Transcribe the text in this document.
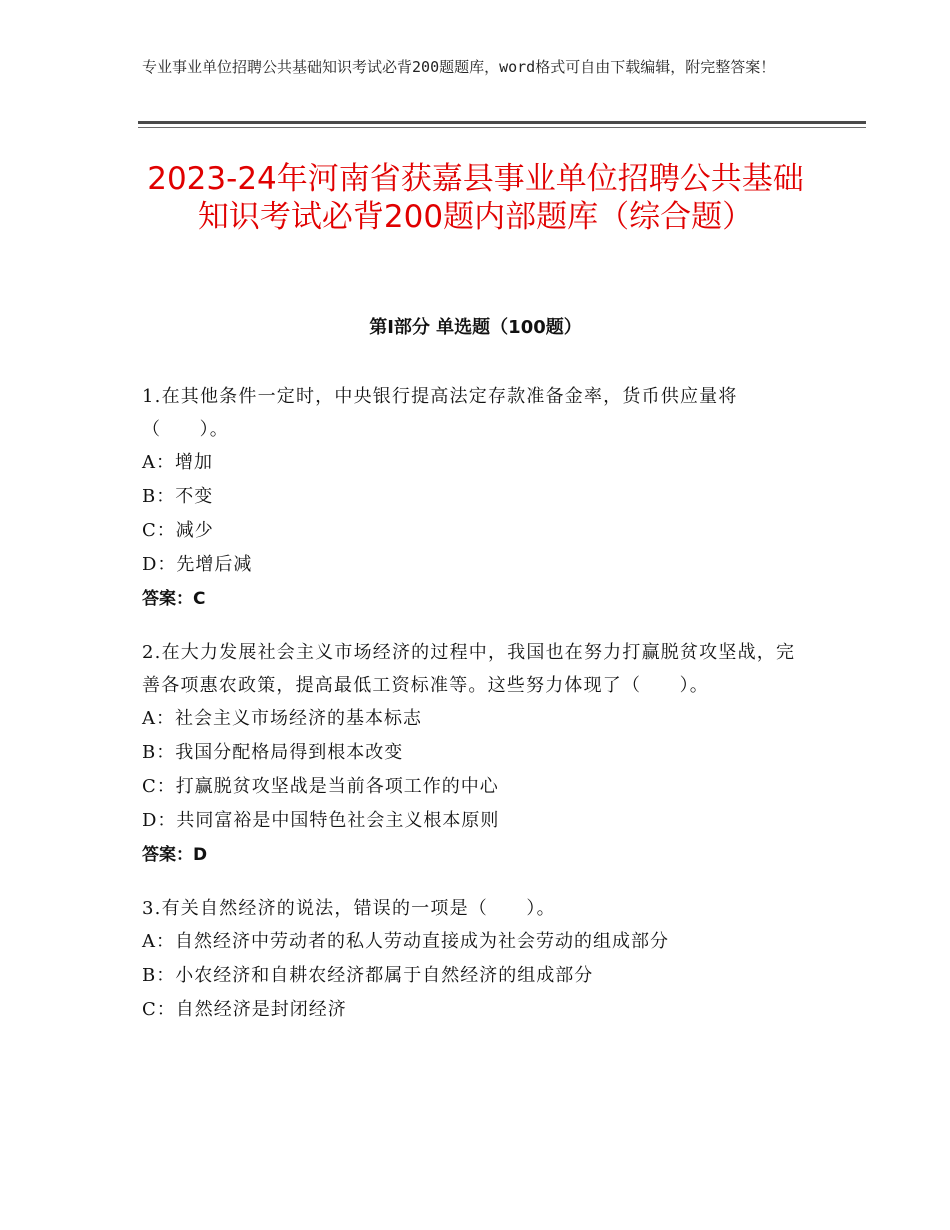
专业事业单位招聘公共基础知识考试必背200题题库，word格式可自由下载编辑，附完整答案！
2023-24年河南省获嘉县事业单位招聘公共基础知识考试必背200题内部题库（综合题）
第I部分 单选题（100题）

1.在其他条件一定时，中央银行提高法定存款准备金率，货币供应量将（　　）。

A：增加

B：不变

C：减少

D：先增后减

答案：C

2.在大力发展社会主义市场经济的过程中，我国也在努力打赢脱贫攻坚战，完善各项惠农政策，提高最低工资标准等。这些努力体现了（　　）。

A：社会主义市场经济的基本标志

B：我国分配格局得到根本改变

C：打赢脱贫攻坚战是当前各项工作的中心

D：共同富裕是中国特色社会主义根本原则

答案：D

3.有关自然经济的说法，错误的一项是（　　）。

A：自然经济中劳动者的私人劳动直接成为社会劳动的组成部分

B：小农经济和自耕农经济都属于自然经济的组成部分

C：自然经济是封闭经济
